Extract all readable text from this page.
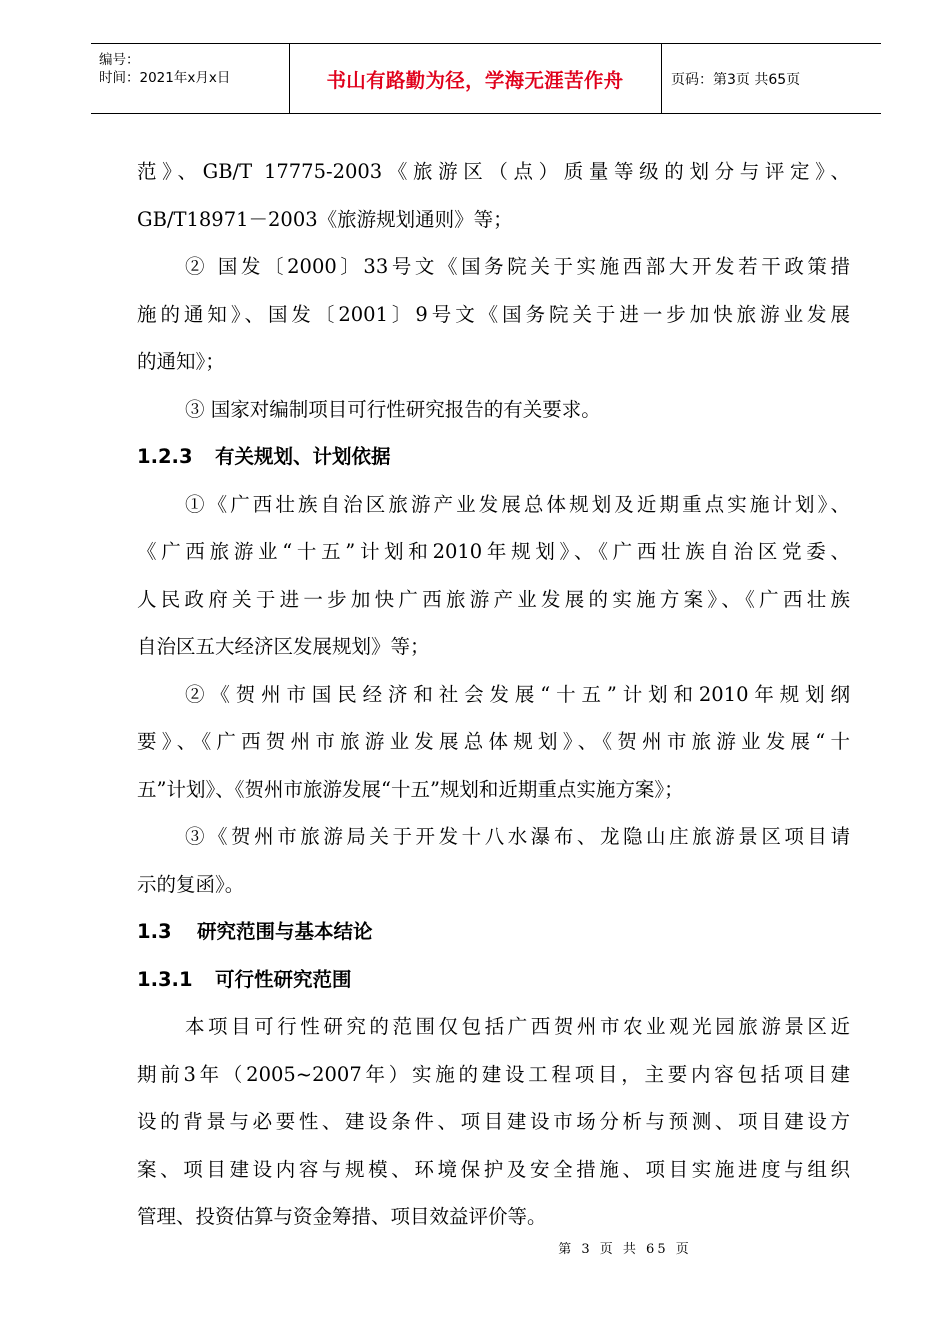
编号：
时间：2021年x月x日	书山有路勤为径，学海无涯苦作舟	页码：第3页 共65页
范》、GB/T 17775-2003《旅游区（点）质量等级的划分与评定》、
GB/T18971－2003《旅游规划通则》等；
② 国发〔2000〕33号文《国务院关于实施西部大开发若干政策措
施的通知》、国发〔2001〕9号文《国务院关于进一步加快旅游业发展
的通知》；
③ 国家对编制项目可行性研究报告的有关要求。
1.2.3 有关规划、计划依据
①《广西壮族自治区旅游产业发展总体规划及近期重点实施计划》、
《广西旅游业“十五”计划和2010年规划》、《广西壮族自治区党委、
人民政府关于进一步加快广西旅游产业发展的实施方案》、《广西壮族
自治区五大经济区发展规划》等；
②《贺州市国民经济和社会发展“十五”计划和2010年规划纲
要》、《广西贺州市旅游业发展总体规划》、《贺州市旅游业发展“十
五”计划》、《贺州市旅游发展“十五”规划和近期重点实施方案》；
③《贺州市旅游局关于开发十八水瀑布、龙隐山庄旅游景区项目请
示的复函》。
1.3 研究范围与基本结论
1.3.1 可行性研究范围
本项目可行性研究的范围仅包括广西贺州市农业观光园旅游景区近
期前3年（2005~2007年）实施的建设工程项目，主要内容包括项目建
设的背景与必要性、建设条件、项目建设市场分析与预测、项目建设方
案、项目建设内容与规模、环境保护及安全措施、项目实施进度与组织
管理、投资估算与资金筹措、项目效益评价等。
第 3 页 共 65 页
